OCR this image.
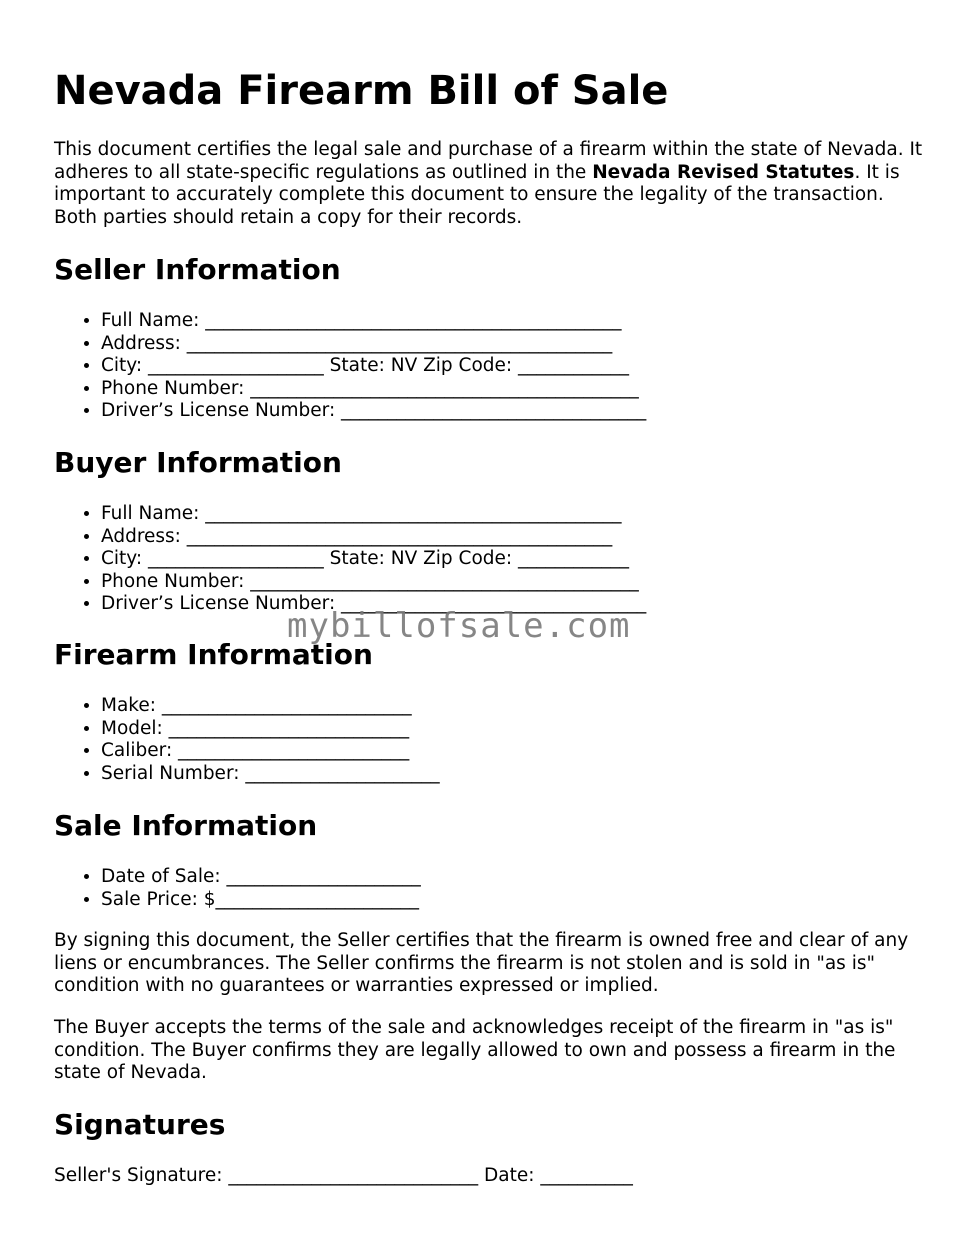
Nevada Firearm Bill of Sale

This document certifies the legal sale and purchase of a firearm within the state of Nevada. It adheres to all state-specific regulations as outlined in the Nevada Revised Statutes. It is important to accurately complete this document to ensure the legality of the transaction. Both parties should retain a copy for their records.

Seller Information
• Full Name: _____________________________________________
• Address: ______________________________________________
• City: ___________________ State: NV Zip Code: ____________
• Phone Number: __________________________________________
• Driver’s License Number: _________________________________
Buyer Information
• Full Name: _____________________________________________
• Address: ______________________________________________
• City: ___________________ State: NV Zip Code: ____________
• Phone Number: __________________________________________
• Driver’s License Number: _________________________________
Firearm Information
• Make: ___________________________
• Model: __________________________
• Caliber: _________________________
• Serial Number: _____________________
Sale Information
• Date of Sale: _____________________
• Sale Price: $______________________

By signing this document, the Seller certifies that the firearm is owned free and clear of any liens or encumbrances. The Seller confirms the firearm is not stolen and is sold in "as is" condition with no guarantees or warranties expressed or implied.

The Buyer accepts the terms of the sale and acknowledges receipt of the firearm in "as is" condition. The Buyer confirms they are legally allowed to own and possess a firearm in the state of Nevada.

Signatures

Seller's Signature: ___________________________ Date: __________

mybillofsale.com
